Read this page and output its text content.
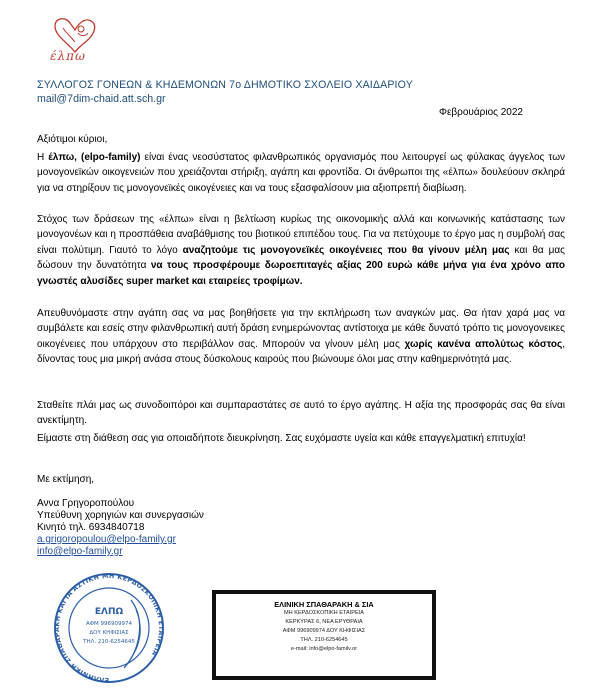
έλπω
ΣΥΛΛΟΓΟΣ ΓΟΝΕΩΝ & ΚΗΔΕΜΟΝΩΝ 7ο ΔΗΜΟΤΙΚΟ ΣΧΟΛΕΙΟ ΧΑΙΔΑΡΙΟΥ
mail@7dim-chaid.att.sch.gr
Φεβρουάριος 2022
Αξιότιμοι κύριοι,
Η έλπω, (elpo-family) είναι ένας νεοσύστατος φιλανθρωπικός οργανισμός που λειτουργεί ως φύλακας άγγελος των μονογονεϊκών οικογενειών που χρειάζονται στήριξη, αγάπη και φροντίδα. Οι άνθρωποι της «έλπω» δουλεύουν σκληρά για να στηρίξουν τις μονογονεϊκές οικογένειες και να τους εξασφαλίσουν μια αξιοπρεπή διαβίωση.
Στόχος των δράσεων της «έλπω» είναι η βελτίωση κυρίως της οικονομικής αλλά και κοινωνικής κατάστασης των μονογονέων και η προσπάθεια αναβάθμισης του βιοτικού επιπέδου τους. Για να πετύχουμε το έργο μας η συμβολή σας είναι πολύτιμη. Γιαυτό το λόγο αναζητούμε τις μονογονεϊκές οικογένειες που θα γίνουν μέλη μας και θα μας δώσουν την δυνατότητα να τους προσφέρουμε δωροεπιταγές αξίας 200 ευρώ κάθε μήνα για ένα χρόνο απο γνωστές αλυσίδες super market και εταιρείες τροφίμων.
Απευθυνόμαστε στην αγάπη σας να μας βοηθήσετε για την εκπλήρωση των αναγκών μας. Θα ήταν χαρά μας να συμβάλετε και εσείς στην φιλανθρωπική αυτή δράση ενημερώνοντας αντίστοιχα με κάθε δυνατό τρόπο τις μονογονεικες οικογένειες που υπάρχουν στο περιβάλλον σας. Μπορούν να γίνουν μέλη μας χωρίς κανένα απολύτως κόστος, δίνοντας τους μια μικρή ανάσα στους δύσκολους καιρούς που βιώνουμε όλοι μας στην καθημερινότητά μας.
Σταθείτε πλάι μας ως συνοδοιπόροι και συμπαραστάτες σε αυτό το έργο αγάπης. Η αξία της προσφοράς σας θα είναι ανεκτίμητη.
Είμαστε στη διάθεση σας για οποιαδήποτε διευκρίνηση. Σας ευχόμαστε υγεία και κάθε επαγγελματική επιτυχία!
Με εκτίμηση,
Αννα Γρηγοροπούλου
Υπεύθυνη χορηγιών και συνεργασιών
Κινητό τηλ. 6934840718
a.grigoropoulou@elpo-family.gr
info@elpo-family.gr
ΕΛΛΗΝΙΚΗ ΣΠΑΘΑΡΑΚΗ ΚΑΙ ΙΑ ΑΣΤΙΚΗ ΜΗ ΚΕΡΔΟΣΚΟΠΙΚΗ ΕΤΑΙΡΕΙΑ
ΕΛΠΩ
ΑΦΜ 996909974
ΔΟΥ ΚΗΦΙΣΙΑΣ
ΤΗΛ. 210-6254645
ΕΛΙΝΙΚΗ ΣΠΑΘΑΡΑΚΗ & ΣΙΑ
ΜΗ ΚΕΡΔΟΣΚΟΠΙΚΗ ΕΤΑΙΡΕΙΑ
ΚΕΡΚΥΡΑΣ 6, ΝΕΑ ΕΡΥΘΡΑΙΑ
ΑΦΜ 996909974 ΔΟΥ ΚΗΦΙΣΙΑΣ
ΤΗΛ. 210-6254645
e-mail: info@elpo-familv.or
